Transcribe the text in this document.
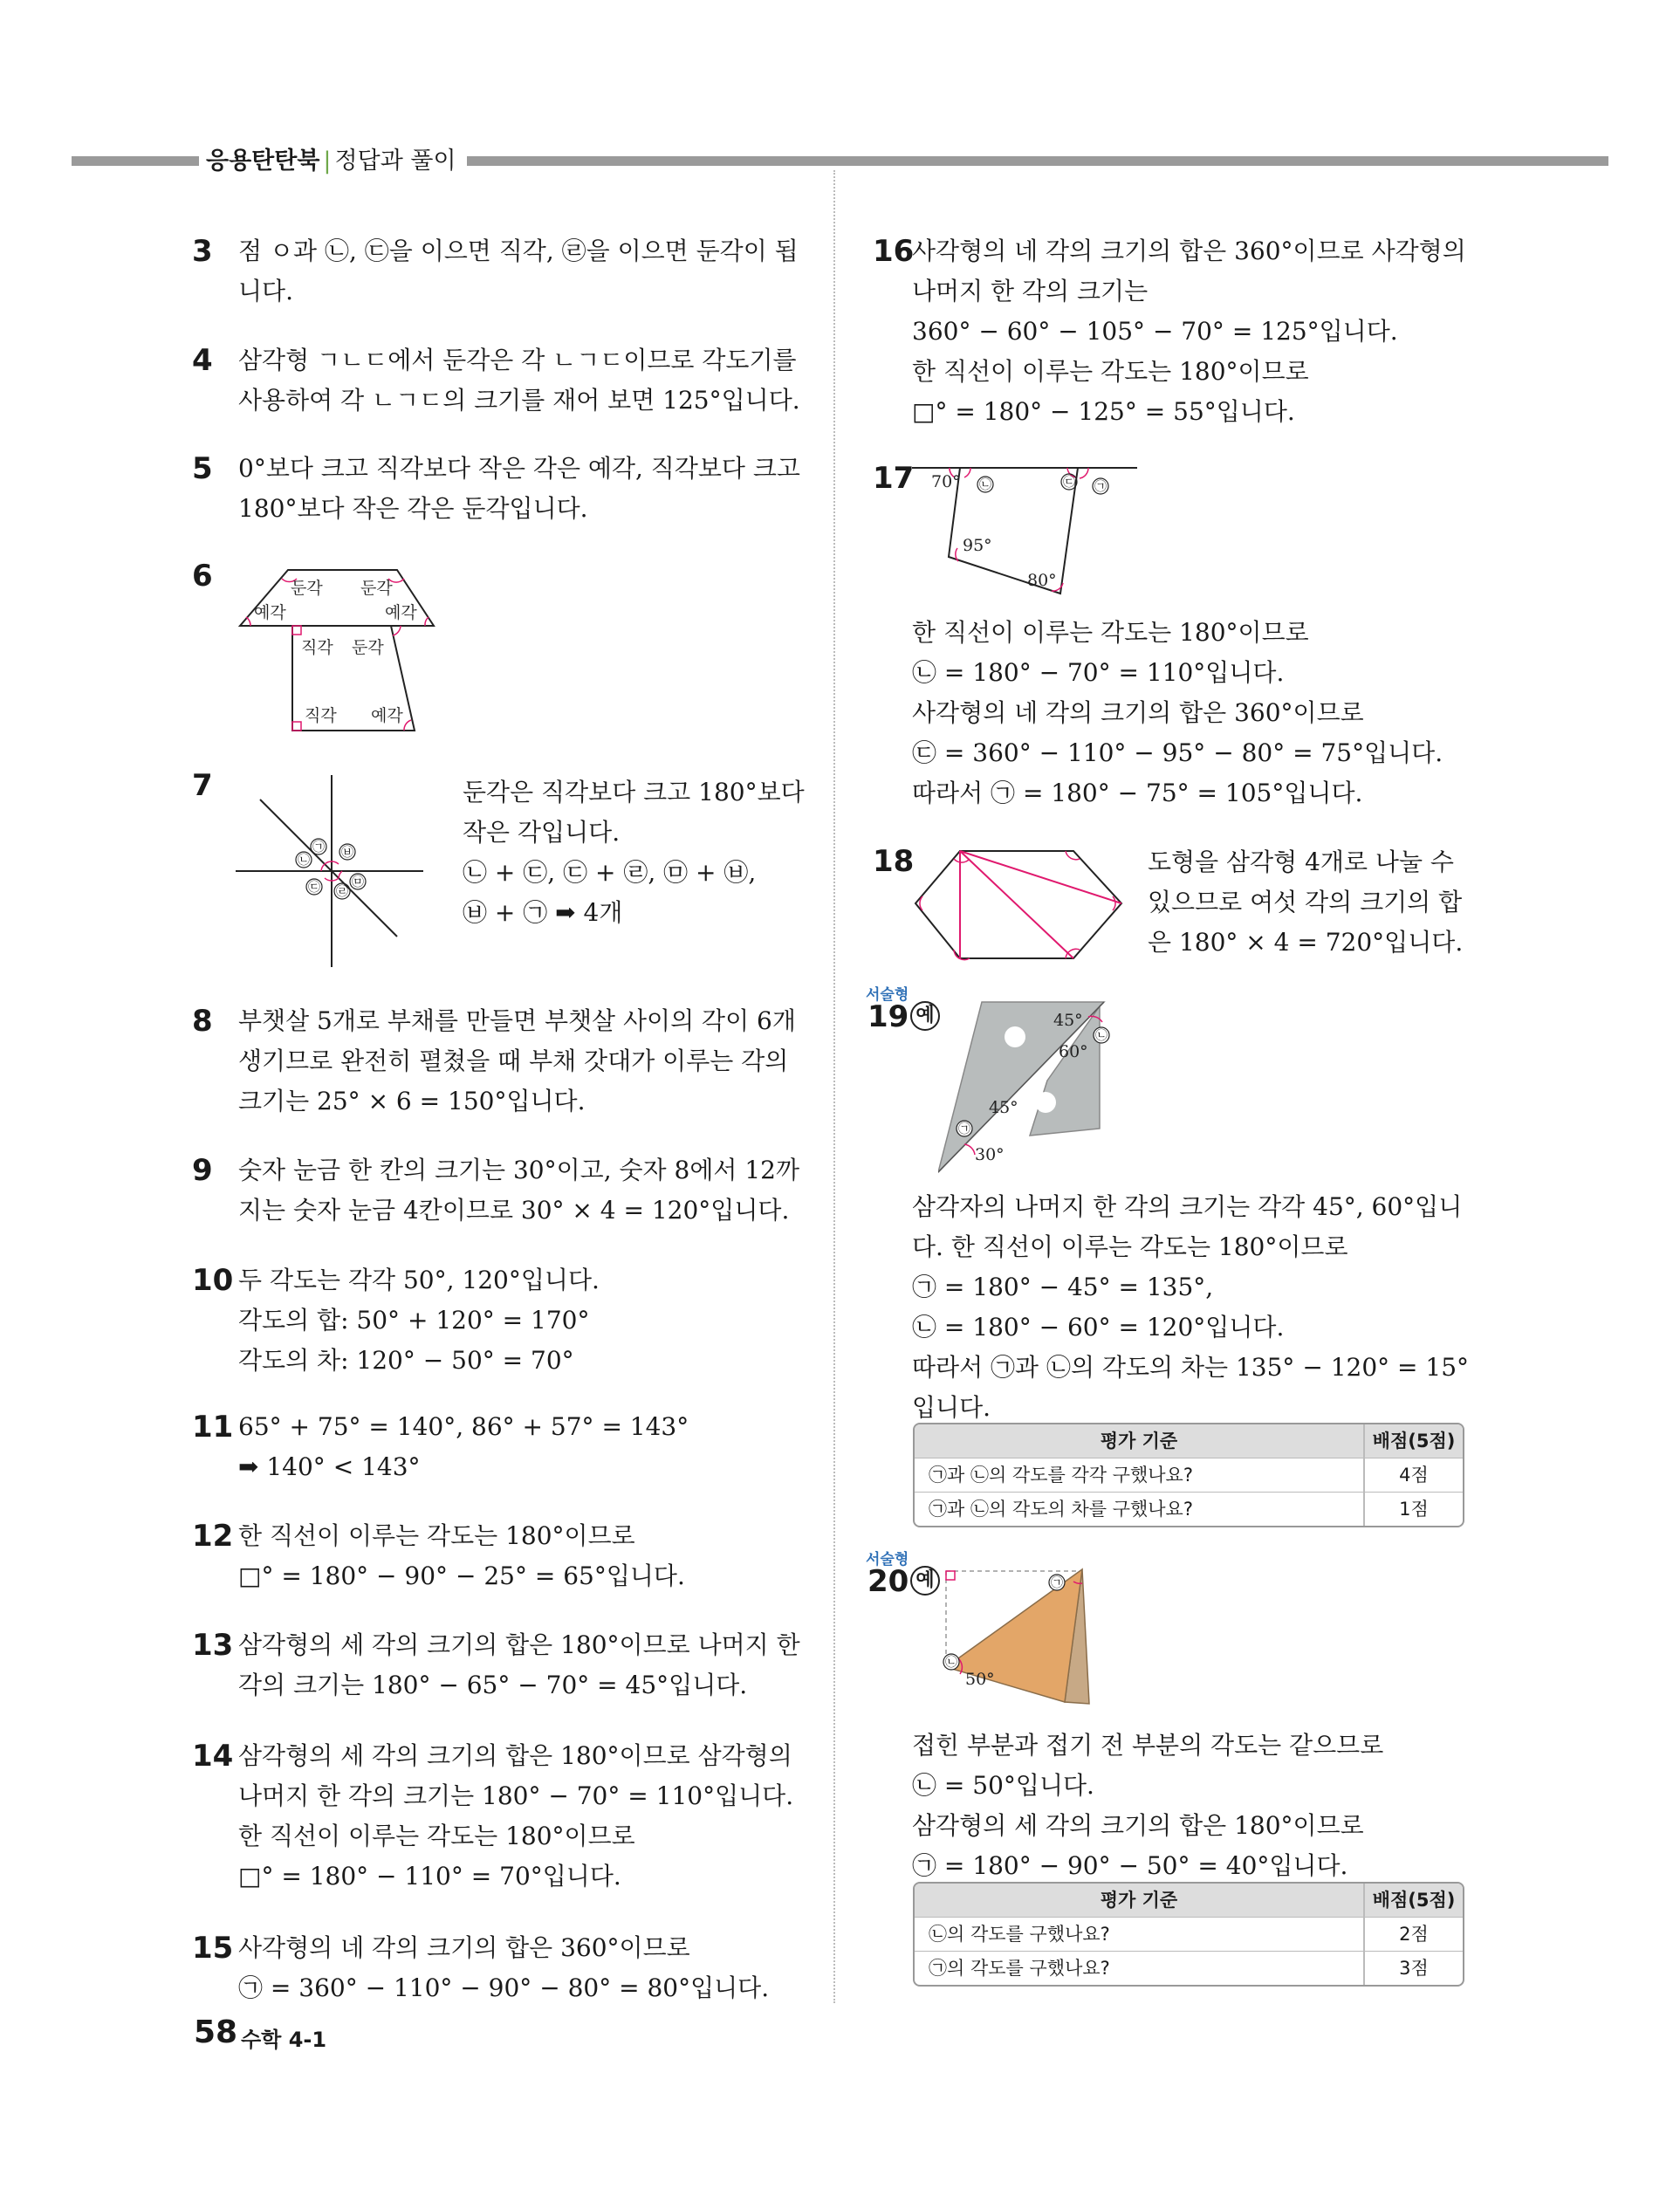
응용탄탄북 | 정답과 풀이
3 점 ㅇ과 ㉡, ㉢을 이으면 직각, ㉣을 이으면 둔각이 됩
니다.
4 삼각형 ㄱㄴㄷ에서 둔각은 각 ㄴㄱㄷ이므로 각도기를
사용하여 각 ㄴㄱㄷ의 크기를 재어 보면 125°입니다.
5 0°보다 크고 직각보다 작은 각은 예각, 직각보다 크고
180°보다 작은 각은 둔각입니다.
6	둔각 둔각
예각	예각
직각 둔각
직각 예각
7
㉠ ㉥
㉡
㉢ ㉣
㉤
둔각은 직각보다 크고 180°보다
작은 각입니다.
㉡ + ㉢, ㉢ + ㉣, ㉤ + ㉥,
㉥ + ㉠ ➡ 4개
8 부챗살 5개로 부채를 만들면 부챗살 사이의 각이 6개
생기므로 완전히 펼쳤을 때 부채 갓대가 이루는 각의
크기는 25° × 6 = 150°입니다.
9 숫자 눈금 한 칸의 크기는 30°이고, 숫자 8에서 12까
지는 숫자 눈금 4칸이므로 30° × 4 = 120°입니다.
10 두 각도는 각각 50°, 120°입니다.
각도의 합: 50° + 120° = 170°
각도의 차: 120° − 50° = 70°
11 65° + 75° = 140°, 86° + 57° = 143°
➡ 140° < 143°
12 한 직선이 이루는 각도는 180°이므로
□° = 180° − 90° − 25° = 65°입니다.
13 삼각형의 세 각의 크기의 합은 180°이므로 나머지 한
각의 크기는 180° − 65° − 70° = 45°입니다.
14 삼각형의 세 각의 크기의 합은 180°이므로 삼각형의
나머지 한 각의 크기는 180° − 70° = 110°입니다.
한 직선이 이루는 각도는 180°이므로
□° = 180° − 110° = 70°입니다.
15 사각형의 네 각의 크기의 합은 360°이므로
㉠ = 360° − 110° − 90° − 80° = 80°입니다.
16
사각형의 네 각의 크기의 합은 360°이므로 사각형의
나머지 한 각의 크기는
360° − 60° − 105° − 70° = 125°입니다.
한 직선이 이루는 각도는 180°이므로
□° = 180° − 125° = 55°입니다.
17 70° ㉡	㉢ ㉠
95°
80°
한 직선이 이루는 각도는 180°이므로
㉡ = 180° − 70° = 110°입니다.
사각형의 네 각의 크기의 합은 360°이므로
㉢ = 360° − 110° − 95° − 80° = 75°입니다.
따라서 ㉠ = 180° − 75° = 105°입니다.
18	도형을 삼각형 4개로 나눌 수
있으므로 여섯 각의 크기의 합
은 180° × 4 = 720°입니다.
서술형
19 예	45°
㉡
60°
45°
㉠
30°
삼각자의 나머지 한 각의 크기는 각각 45°, 60°입니
다. 한 직선이 이루는 각도는 180°이므로
㉠ = 180° − 45° = 135°,
㉡ = 180° − 60° = 120°입니다.
따라서 ㉠과 ㉡의 각도의 차는 135° − 120° = 15°
입니다.
평가 기준	배점(5점)
㉠과 ㉡의 각도를 각각 구했나요?	4점
㉠과 ㉡의 각도의 차를 구했나요?	1점
서술형
20 예	㉠
㉡
50°
접힌 부분과 접기 전 부분의 각도는 같으므로
㉡ = 50°입니다.
삼각형의 세 각의 크기의 합은 180°이므로
㉠ = 180° − 90° − 50° = 40°입니다.
평가 기준	배점(5점)
㉡의 각도를 구했나요?	2점
㉠의 각도를 구했나요?	3점
58 수학 4-1
